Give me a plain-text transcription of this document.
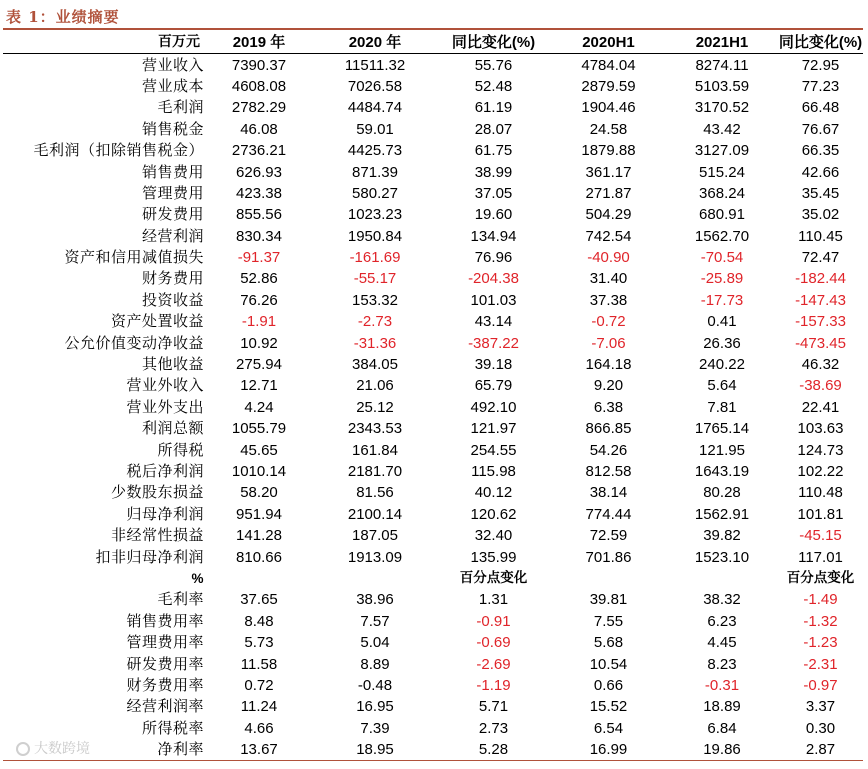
表 1：业绩摘要
百万元	2019 年	2020 年	同比变化(%)	2020H1	2021H1	同比变化(%)
营业收入	7390.37	11511.32	55.76	4784.04	8274.11	72.95
营业成本	4608.08	7026.58	52.48	2879.59	5103.59	77.23
毛利润	2782.29	4484.74	61.19	1904.46	3170.52	66.48
销售税金	46.08	59.01	28.07	24.58	43.42	76.67
毛利润（扣除销售税金）	2736.21	4425.73	61.75	1879.88	3127.09	66.35
销售费用	626.93	871.39	38.99	361.17	515.24	42.66
管理费用	423.38	580.27	37.05	271.87	368.24	35.45
研发费用	855.56	1023.23	19.60	504.29	680.91	35.02
经营利润	830.34	1950.84	134.94	742.54	1562.70	110.45
资产和信用减值损失	-91.37	-161.69	76.96	-40.90	-70.54	72.47
财务费用	52.86	-55.17	-204.38	31.40	-25.89	-182.44
投资收益	76.26	153.32	101.03	37.38	-17.73	-147.43
资产处置收益	-1.91	-2.73	43.14	-0.72	0.41	-157.33
公允价值变动净收益	10.92	-31.36	-387.22	-7.06	26.36	-473.45
其他收益	275.94	384.05	39.18	164.18	240.22	46.32
营业外收入	12.71	21.06	65.79	9.20	5.64	-38.69
营业外支出	4.24	25.12	492.10	6.38	7.81	22.41
利润总额	1055.79	2343.53	121.97	866.85	1765.14	103.63
所得税	45.65	161.84	254.55	54.26	121.95	124.73
税后净利润	1010.14	2181.70	115.98	812.58	1643.19	102.22
少数股东损益	58.20	81.56	40.12	38.14	80.28	110.48
归母净利润	951.94	2100.14	120.62	774.44	1562.91	101.81
非经常性损益	141.28	187.05	32.40	72.59	39.82	-45.15
扣非归母净利润	810.66	1913.09	135.99	701.86	1523.10	117.01
%			百分点变化			百分点变化
毛利率	37.65	38.96	1.31	39.81	38.32	-1.49
销售费用率	8.48	7.57	-0.91	7.55	6.23	-1.32
管理费用率	5.73	5.04	-0.69	5.68	4.45	-1.23
研发费用率	11.58	8.89	-2.69	10.54	8.23	-2.31
财务费用率	0.72	-0.48	-1.19	0.66	-0.31	-0.97
经营利润率	11.24	16.95	5.71	15.52	18.89	3.37
所得税率	4.66	7.39	2.73	6.54	6.84	0.30
净利率	13.67	18.95	5.28	16.99	19.86	2.87
大数跨境
